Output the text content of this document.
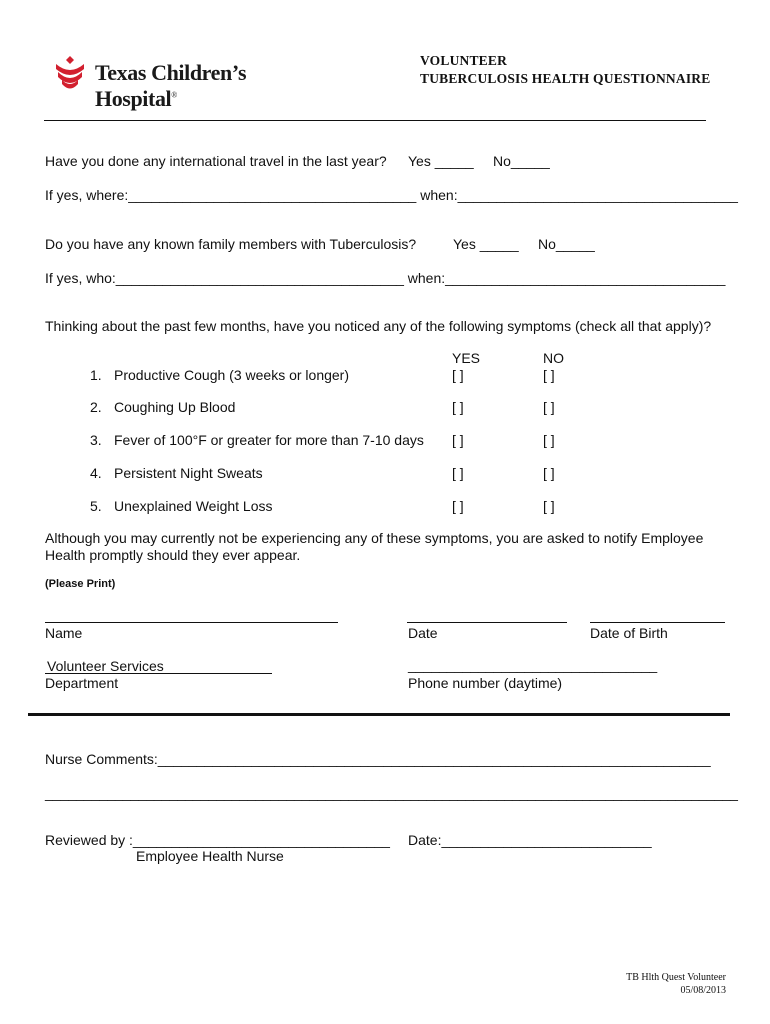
Texas Children’s Hospital®
VOLUNTEER
TUBERCULOSIS HEALTH QUESTIONNAIRE
Have you done any international travel in the last year? Yes _____ No_____
If yes, where:_____________________________________ when:____________________________________
Do you have any known family members with Tuberculosis?	Yes _____ No_____
If yes, who:_____________________________________ when:____________________________________
Thinking about the past few months, have you noticed any of the following symptoms (check all that apply)?
YES	NO
1. Productive Cough (3 weeks or longer)	[ ]	[ ]
2. Coughing Up Blood	[ ]	[ ]
3. Fever of 100°F or greater for more than 7-10 days [ ]	[ ]
4. Persistent Night Sweats	[ ]	[ ]
5. Unexplained Weight Loss	[ ]	[ ]
Although you may currently not be experiencing any of these symptoms, you are asked to notify Employee
Health promptly should they ever appear.
(Please Print)
Name	Date	Date of Birth
Volunteer Services
Department
________________________________
Phone number (daytime)
Nurse Comments:_______________________________________________________________________
_________________________________________________________________________________________
Reviewed by :_________________________________ Date:___________________________
Employee Health Nurse
TB Hlth Quest Volunteer
05/08/2013
